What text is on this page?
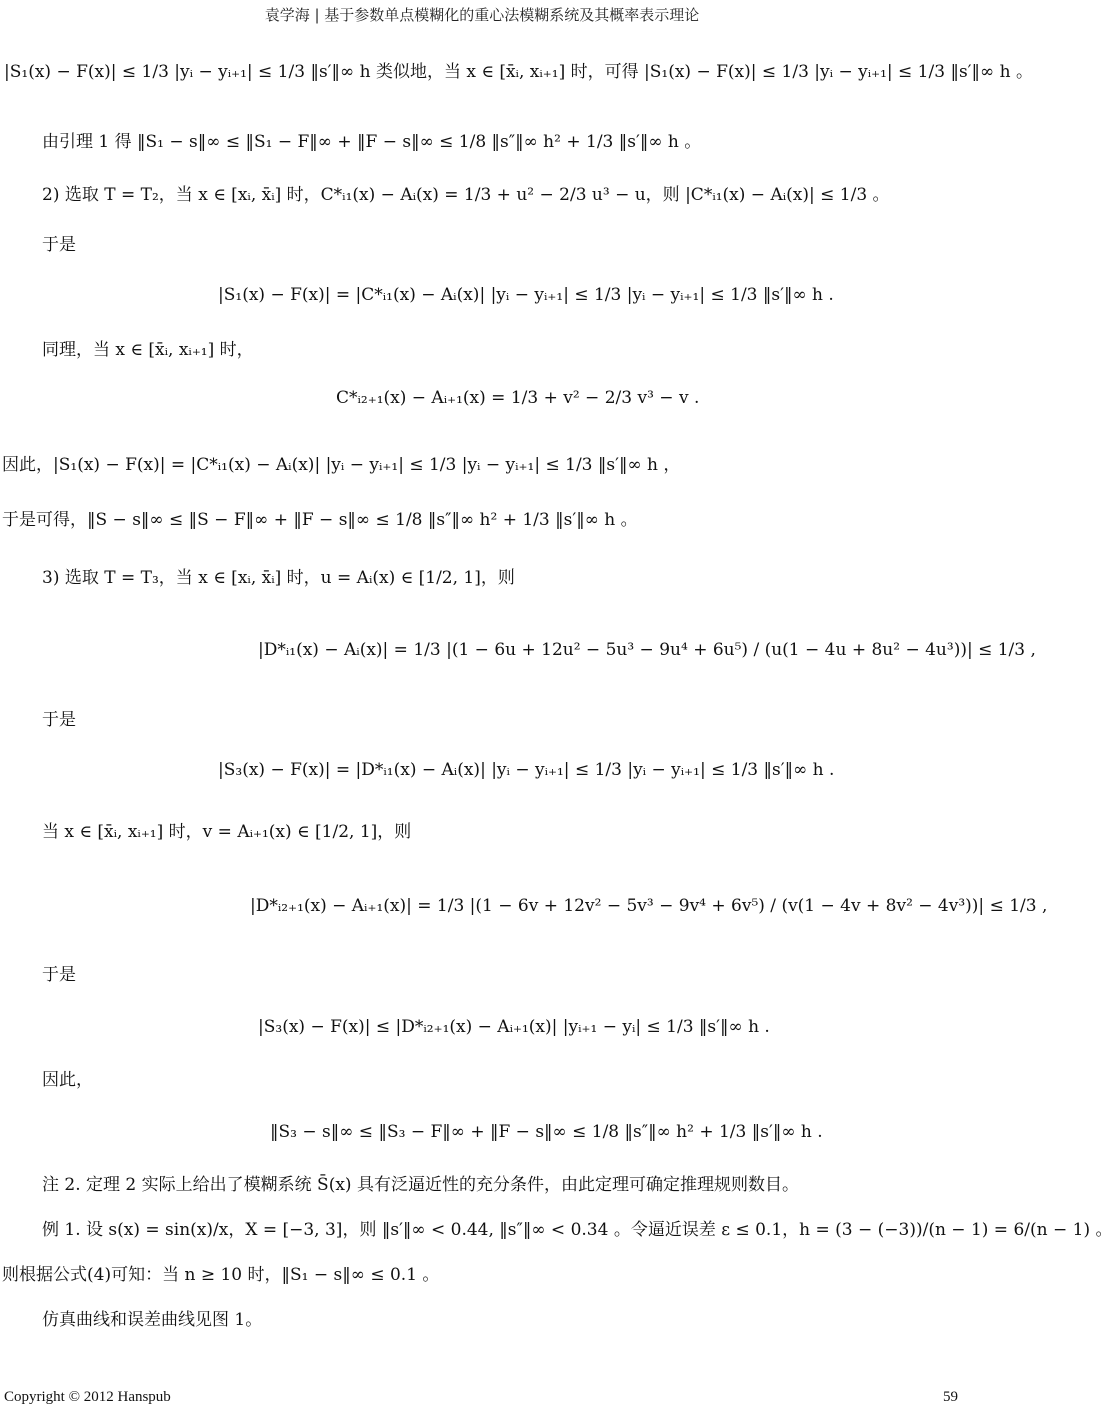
袁学海 | 基于参数单点模糊化的重心法模糊系统及其概率表示理论
|S₁(x) − F(x)| ≤ 1/3 |yᵢ − yᵢ₊₁| ≤ 1/3 ‖s′‖∞ h 类似地，当 x ∈ [x̄ᵢ, xᵢ₊₁] 时，可得 |S₁(x) − F(x)| ≤ 1/3 |yᵢ − yᵢ₊₁| ≤ 1/3 ‖s′‖∞ h 。
由引理 1 得 ‖S₁ − s‖∞ ≤ ‖S₁ − F‖∞ + ‖F − s‖∞ ≤ 1/8 ‖s″‖∞ h² + 1/3 ‖s′‖∞ h 。
2) 选取 T = T₂，当 x ∈ [xᵢ, x̄ᵢ] 时，C*ᵢ₁(x) − Aᵢ(x) = 1/3 + u² − 2/3 u³ − u，则 |C*ᵢ₁(x) − Aᵢ(x)| ≤ 1/3 。
于是
|S₁(x) − F(x)| = |C*ᵢ₁(x) − Aᵢ(x)| |yᵢ − yᵢ₊₁| ≤ 1/3 |yᵢ − yᵢ₊₁| ≤ 1/3 ‖s′‖∞ h .
同理，当 x ∈ [x̄ᵢ, xᵢ₊₁] 时，
C*ᵢ₂₊₁(x) − Aᵢ₊₁(x) = 1/3 + v² − 2/3 v³ − v .
因此，|S₁(x) − F(x)| = |C*ᵢ₁(x) − Aᵢ(x)| |yᵢ − yᵢ₊₁| ≤ 1/3 |yᵢ − yᵢ₊₁| ≤ 1/3 ‖s′‖∞ h ，
于是可得，‖S − s‖∞ ≤ ‖S − F‖∞ + ‖F − s‖∞ ≤ 1/8 ‖s″‖∞ h² + 1/3 ‖s′‖∞ h 。
3) 选取 T = T₃，当 x ∈ [xᵢ, x̄ᵢ] 时，u = Aᵢ(x) ∈ [1/2, 1]，则
|D*ᵢ₁(x) − Aᵢ(x)| = 1/3 |(1 − 6u + 12u² − 5u³ − 9u⁴ + 6u⁵) / (u(1 − 4u + 8u² − 4u³))| ≤ 1/3 ,
于是
|S₃(x) − F(x)| = |D*ᵢ₁(x) − Aᵢ(x)| |yᵢ − yᵢ₊₁| ≤ 1/3 |yᵢ − yᵢ₊₁| ≤ 1/3 ‖s′‖∞ h .
当 x ∈ [x̄ᵢ, xᵢ₊₁] 时，v = Aᵢ₊₁(x) ∈ [1/2, 1]，则
|D*ᵢ₂₊₁(x) − Aᵢ₊₁(x)| = 1/3 |(1 − 6v + 12v² − 5v³ − 9v⁴ + 6v⁵) / (v(1 − 4v + 8v² − 4v³))| ≤ 1/3 ,
于是
|S₃(x) − F(x)| ≤ |D*ᵢ₂₊₁(x) − Aᵢ₊₁(x)| |yᵢ₊₁ − yᵢ| ≤ 1/3 ‖s′‖∞ h .
因此，
‖S₃ − s‖∞ ≤ ‖S₃ − F‖∞ + ‖F − s‖∞ ≤ 1/8 ‖s″‖∞ h² + 1/3 ‖s′‖∞ h .
注 2. 定理 2 实际上给出了模糊系统 S̄(x) 具有泛逼近性的充分条件，由此定理可确定推理规则数目。
例 1. 设 s(x) = sin(x)/x，X = [−3, 3]，则 ‖s′‖∞ < 0.44, ‖s″‖∞ < 0.34 。令逼近误差 ε ≤ 0.1，h = (3 − (−3))/(n − 1) = 6/(n − 1) 。
则根据公式(4)可知：当 n ≥ 10 时，‖S₁ − s‖∞ ≤ 0.1 。
仿真曲线和误差曲线见图 1。
Copyright © 2012 Hanspub	59
